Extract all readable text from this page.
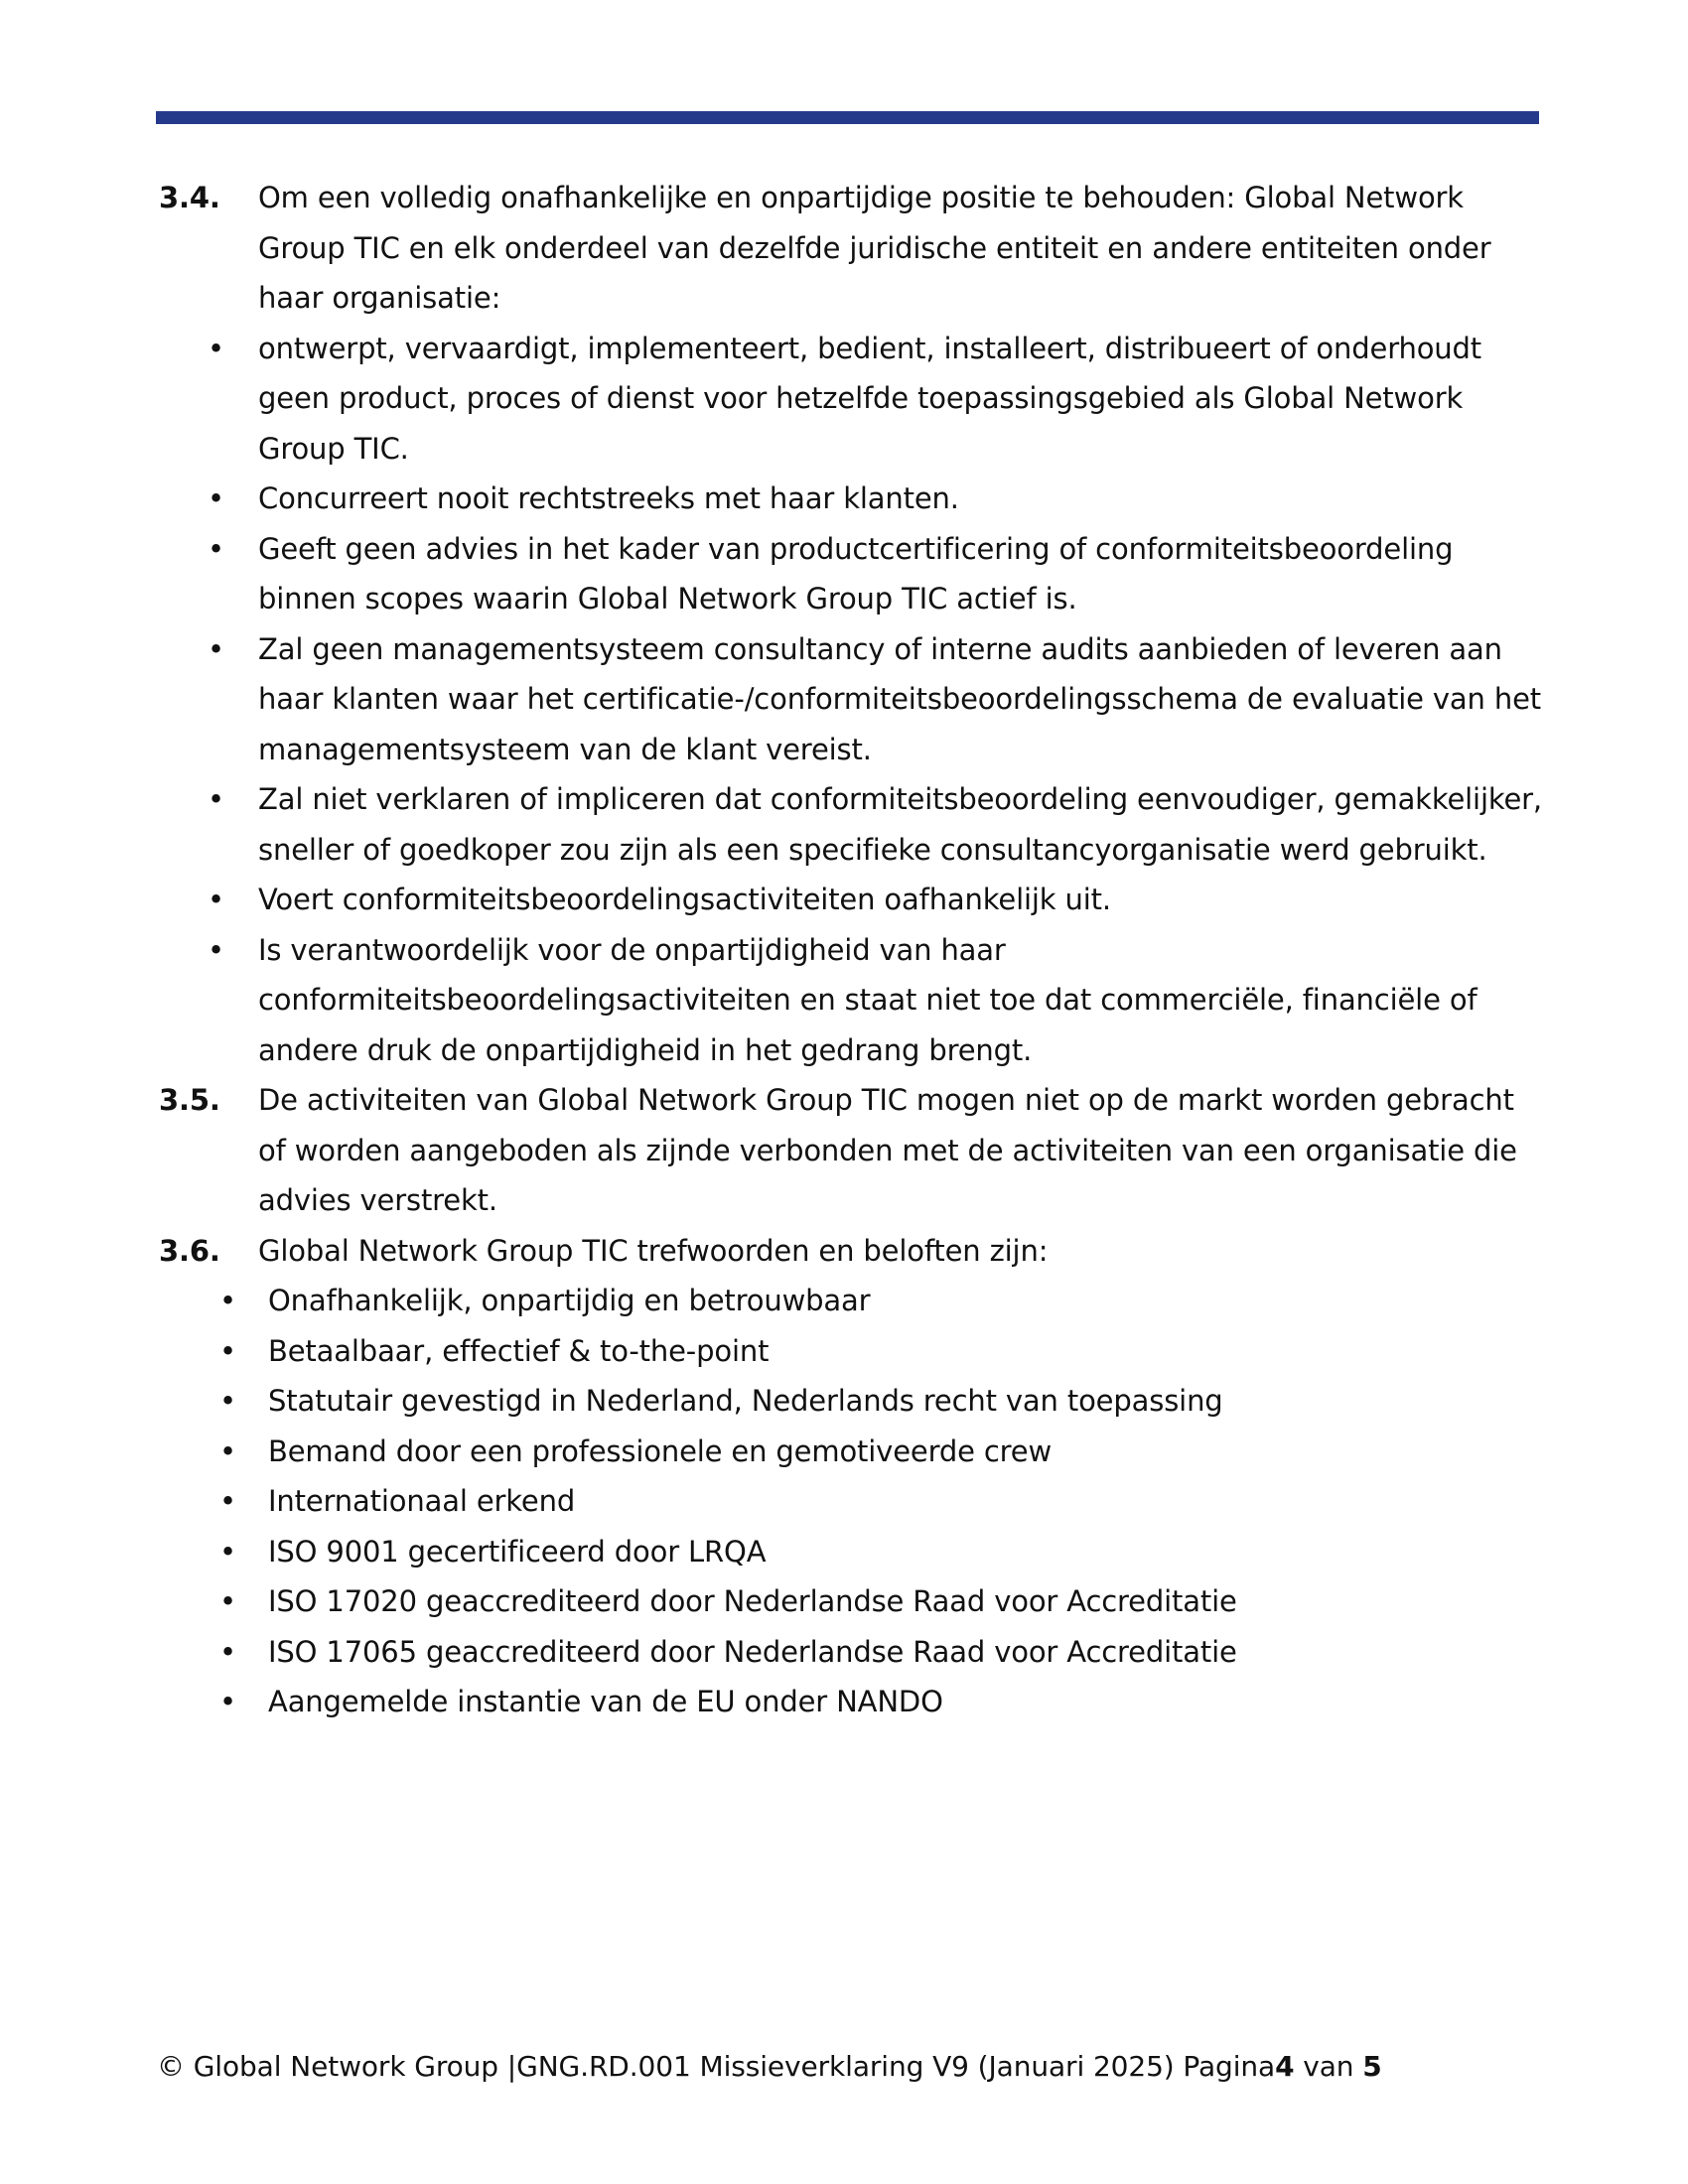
3.4. Om een volledig onafhankelijke en onpartijdige positie te behouden: Global Network Group TIC en elk onderdeel van dezelfde juridische entiteit en andere entiteiten onder haar organisatie:

• ontwerpt, vervaardigt, implementeert, bedient, installeert, distribueert of onderhoudt geen product, proces of dienst voor hetzelfde toepassingsgebied als Global Network Group TIC.
• Concurreert nooit rechtstreeks met haar klanten.
• Geeft geen advies in het kader van productcertificering of conformiteitsbeoordeling binnen scopes waarin Global Network Group TIC actief is.
• Zal geen managementsysteem consultancy of interne audits aanbieden of leveren aan haar klanten waar het certificatie-/conformiteitsbeoordelingsschema de evaluatie van het managementsysteem van de klant vereist.
• Zal niet verklaren of impliceren dat conformiteitsbeoordeling eenvoudiger, gemakkelijker, sneller of goedkoper zou zijn als een specifieke consultancyorganisatie werd gebruikt.
• Voert conformiteitsbeoordelingsactiviteiten oafhankelijk uit.
• Is verantwoordelijk voor de onpartijdigheid van haar conformiteitsbeoordelingsactiviteiten en staat niet toe dat commerciële, financiële of andere druk de onpartijdigheid in het gedrang brengt.
3.5. De activiteiten van Global Network Group TIC mogen niet op de markt worden gebracht of worden aangeboden als zijnde verbonden met de activiteiten van een organisatie die advies verstrekt.

3.6. Global Network Group TIC trefwoorden en beloften zijn:

• Onafhankelijk, onpartijdig en betrouwbaar
• Betaalbaar, effectief & to-the-point
• Statutair gevestigd in Nederland, Nederlands recht van toepassing
• Bemand door een professionele en gemotiveerde crew
• Internationaal erkend
• ISO 9001 gecertificeerd door LRQA
• ISO 17020 geaccrediteerd door Nederlandse Raad voor Accreditatie
• ISO 17065 geaccrediteerd door Nederlandse Raad voor Accreditatie
• Aangemelde instantie van de EU onder NANDO
© Global Network Group |GNG.RD.001 Missieverklaring V9 (Januari 2025) Pagina4 van 5
